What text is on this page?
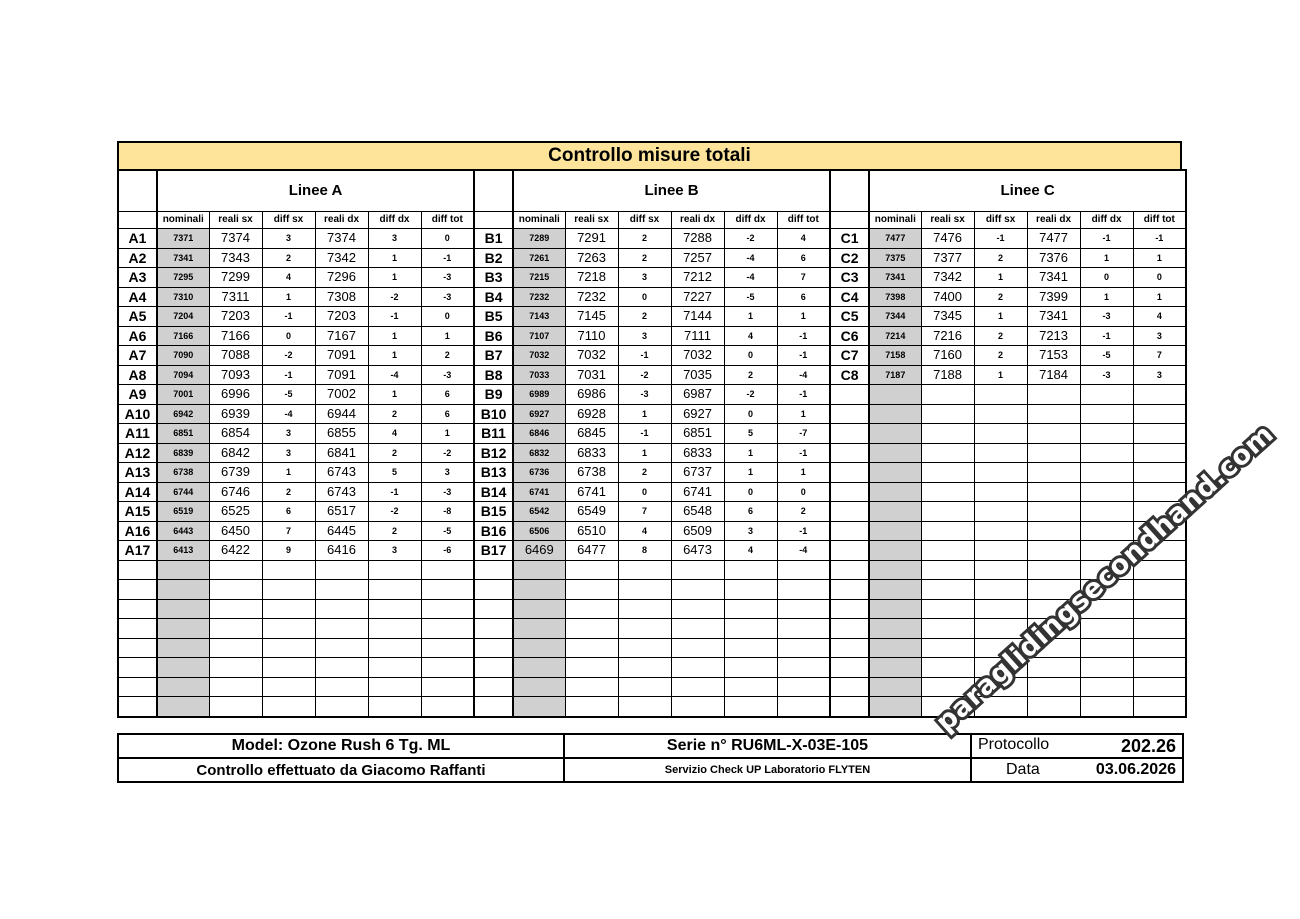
Controllo misure totali
	Linee A							Linee B							Linee C					
	nominali	reali sx	diff sx	reali dx	diff dx	diff tot		nominali	reali sx	diff sx	reali dx	diff dx	diff tot		nominali	reali sx	diff sx	reali dx	diff dx	diff tot
A1	7371	7374	3	7374	3	0	B1	7289	7291	2	7288	-2	4	C1	7477	7476	-1	7477	-1	-1
A2	7341	7343	2	7342	1	-1	B2	7261	7263	2	7257	-4	6	C2	7375	7377	2	7376	1	1
A3	7295	7299	4	7296	1	-3	B3	7215	7218	3	7212	-4	7	C3	7341	7342	1	7341	0	0
A4	7310	7311	1	7308	-2	-3	B4	7232	7232	0	7227	-5	6	C4	7398	7400	2	7399	1	1
A5	7204	7203	-1	7203	-1	0	B5	7143	7145	2	7144	1	1	C5	7344	7345	1	7341	-3	4
A6	7166	7166	0	7167	1	1	B6	7107	7110	3	7111	4	-1	C6	7214	7216	2	7213	-1	3
A7	7090	7088	-2	7091	1	2	B7	7032	7032	-1	7032	0	-1	C7	7158	7160	2	7153	-5	7
A8	7094	7093	-1	7091	-4	-3	B8	7033	7031	-2	7035	2	-4	C8	7187	7188	1	7184	-3	3
A9	7001	6996	-5	7002	1	6	B9	6989	6986	-3	6987	-2	-1							
A10	6942	6939	-4	6944	2	6	B10	6927	6928	1	6927	0	1							
A11	6851	6854	3	6855	4	1	B11	6846	6845	-1	6851	5	-7							
A12	6839	6842	3	6841	2	-2	B12	6832	6833	1	6833	1	-1							
A13	6738	6739	1	6743	5	3	B13	6736	6738	2	6737	1	1							
A14	6744	6746	2	6743	-1	-3	B14	6741	6741	0	6741	0	0							
A15	6519	6525	6	6517	-2	-8	B15	6542	6549	7	6548	6	2							
A16	6443	6450	7	6445	2	-5	B16	6506	6510	4	6509	3	-1							
A17	6413	6422	9	6416	3	-6	B17	6469	6477	8	6473	4	-4							

Model: Ozone Rush 6 Tg. ML	Serie n° RU6ML-X-03E-105	Protocollo 202.26

Controllo effettuato da Giacomo Raffanti	Servizio Check UP Laboratorio FLYTEN	Data 03.06.2026
paraglidingsecondhand.com
